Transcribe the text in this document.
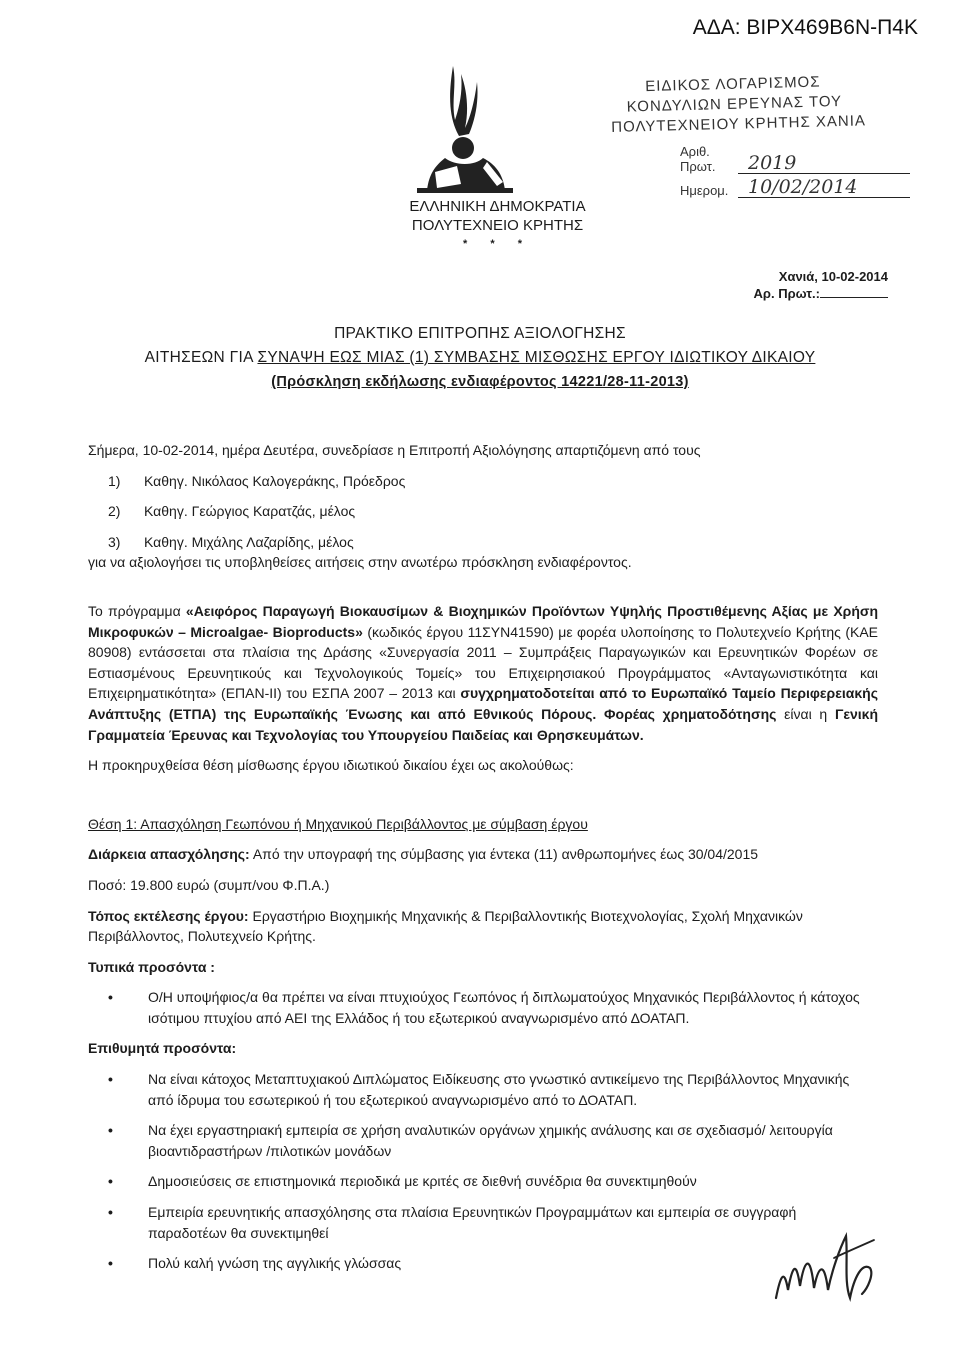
ΑΔΑ: ΒΙΡΧ469Β6Ν-Π4Κ
ΕΛΛΗΝΙΚΗ ΔΗΜΟΚΡΑΤΙΑ
ΠΟΛΥΤΕΧΝΕΙΟ ΚΡΗΤΗΣ
* * *
ΕΙΔΙΚΟΣ ΛΟΓΑΡΙΣΜΟΣ
ΚΟΝΔΥΛΙΩΝ ΕΡΕΥΝΑΣ ΤΟΥ
ΠΟΛΥΤΕΧΝΕΙΟΥ ΚΡΗΤΗΣ ΧΑΝΙΑ
Αριθ. Πρωτ.	2019
Ημερομ.	10/02/2014
Χανιά, 10-02-2014
Αρ. Πρωτ.:
ΠΡΑΚΤΙΚΟ ΕΠΙΤΡΟΠΗΣ ΑΞΙΟΛΟΓΗΣΗΣ
ΑΙΤΗΣΕΩΝ ΓΙΑ ΣΥΝΑΨΗ ΕΩΣ ΜΙΑΣ (1) ΣΥΜΒΑΣΗΣ ΜΙΣΘΩΣΗΣ ΕΡΓΟΥ ΙΔΙΩΤΙΚΟΥ ΔΙΚΑΙΟΥ
(Πρόσκληση εκδήλωσης ενδιαφέροντος 14221/28-11-2013)

Σήμερα, 10-02-2014, ημέρα Δευτέρα, συνεδρίασε η Επιτροπή Αξιολόγησης απαρτιζόμενη από τους

1)	Καθηγ. Νικόλαος Καλογεράκης, Πρόεδρος
2)	Καθηγ. Γεώργιος Καρατζάς, μέλος
3)	Καθηγ. Μιχάλης Λαζαρίδης, μέλος

για να αξιολογήσει τις υποβληθείσες αιτήσεις στην ανωτέρω πρόσκληση ενδιαφέροντος.

Το πρόγραμμα «Αειφόρος Παραγωγή Βιοκαυσίμων & Βιοχημικών Προϊόντων Υψηλής Προστιθέμενης Αξίας με Χρήση Μικροφυκών – Microalgae- Bioproducts» (κωδικός έργου 11ΣΥΝ41590) με φορέα υλοποίησης το Πολυτεχνείο Κρήτης (ΚΑΕ 80908) εντάσσεται στα πλαίσια της Δράσης «Συνεργασία 2011 – Συμπράξεις Παραγωγικών και Ερευνητικών Φορέων σε Εστιασμένους Ερευνητικούς και Τεχνολογικούς Τομείς» του Επιχειρησιακού Προγράμματος «Ανταγωνιστικότητα και Επιχειρηματικότητα» (ΕΠΑΝ-ΙΙ) του ΕΣΠΑ 2007 – 2013 και συγχρηματοδοτείται από το Ευρωπαϊκό Ταμείο Περιφερειακής Ανάπτυξης (ΕΤΠΑ) της Ευρωπαϊκής Ένωσης και από Εθνικούς Πόρους. Φορέας χρηματοδότησης είναι η Γενική Γραμματεία Έρευνας και Τεχνολογίας του Υπουργείου Παιδείας και Θρησκευμάτων.

Η προκηρυχθείσα θέση μίσθωσης έργου ιδιωτικού δικαίου έχει ως ακολούθως:

Θέση 1: Απασχόληση Γεωπόνου ή Μηχανικού Περιβάλλοντος με σύμβαση έργου

Διάρκεια απασχόλησης: Από την υπογραφή της σύμβασης για έντεκα (11) ανθρωπομήνες έως 30/04/2015

Ποσό: 19.800 ευρώ (συμπ/νου Φ.Π.Α.)

Τόπος εκτέλεσης έργου: Εργαστήριο Βιοχημικής Μηχανικής & Περιβαλλοντικής Βιοτεχνολογίας, Σχολή Μηχανικών Περιβάλλοντος, Πολυτεχνείο Κρήτης.

Τυπικά προσόντα :

•	Ο/Η υποψήφιος/α θα πρέπει να είναι πτυχιούχος Γεωπόνος ή διπλωματούχος Μηχανικός Περιβάλλοντος ή κάτοχος ισότιμου πτυχίου από ΑΕΙ της Ελλάδος ή του εξωτερικού αναγνωρισμένο από ΔΟΑΤΑΠ.

Επιθυμητά προσόντα:

•	Να είναι κάτοχος Μεταπτυχιακού Διπλώματος Ειδίκευσης στο γνωστικό αντικείμενο της Περιβάλλοντος Μηχανικής από ίδρυμα του εσωτερικού ή του εξωτερικού αναγνωρισμένο από το ΔΟΑΤΑΠ.
•	Να έχει εργαστηριακή εμπειρία σε χρήση αναλυτικών οργάνων χημικής ανάλυσης και σε σχεδιασμό/ λειτουργία βιοαντιδραστήρων /πιλοτικών μονάδων
•	Δημοσιεύσεις σε επιστημονικά περιοδικά με κριτές σε διεθνή συνέδρια θα συνεκτιμηθούν
•	Εμπειρία ερευνητικής απασχόλησης στα πλαίσια Ερευνητικών Προγραμμάτων και εμπειρία σε συγγραφή παραδοτέων θα συνεκτιμηθεί
•	Πολύ καλή γνώση της αγγλικής γλώσσας
